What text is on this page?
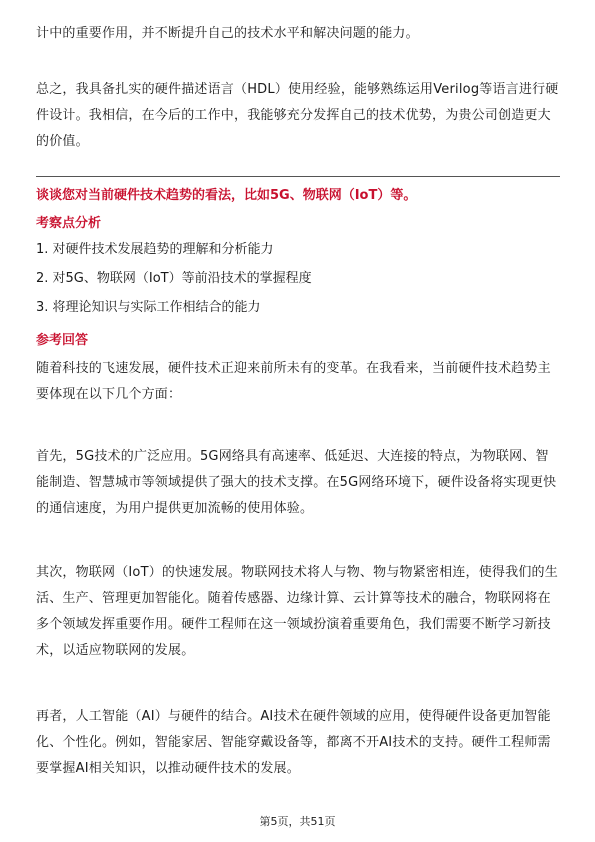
计中的重要作用，并不断提升自己的技术水平和解决问题的能力。

总之，我具备扎实的硬件描述语言（HDL）使用经验，能够熟练运用Verilog等语言进行硬件设计。我相信，在今后的工作中，我能够充分发挥自己的技术优势，为贵公司创造更大的价值。

谈谈您对当前硬件技术趋势的看法，比如5G、物联网（IoT）等。

考察点分析

1. 对硬件技术发展趋势的理解和分析能力

2. 对5G、物联网（IoT）等前沿技术的掌握程度

3. 将理论知识与实际工作相结合的能力

参考回答

随着科技的飞速发展，硬件技术正迎来前所未有的变革。在我看来，当前硬件技术趋势主要体现在以下几个方面：

首先，5G技术的广泛应用。5G网络具有高速率、低延迟、大连接的特点，为物联网、智能制造、智慧城市等领域提供了强大的技术支撑。在5G网络环境下，硬件设备将实现更快的通信速度，为用户提供更加流畅的使用体验。

其次，物联网（IoT）的快速发展。物联网技术将人与物、物与物紧密相连，使得我们的生活、生产、管理更加智能化。随着传感器、边缘计算、云计算等技术的融合，物联网将在多个领域发挥重要作用。硬件工程师在这一领域扮演着重要角色，我们需要不断学习新技术，以适应物联网的发展。

再者，人工智能（AI）与硬件的结合。AI技术在硬件领域的应用，使得硬件设备更加智能化、个性化。例如，智能家居、智能穿戴设备等，都离不开AI技术的支持。硬件工程师需要掌握AI相关知识，以推动硬件技术的发展。

第5页，共51页
